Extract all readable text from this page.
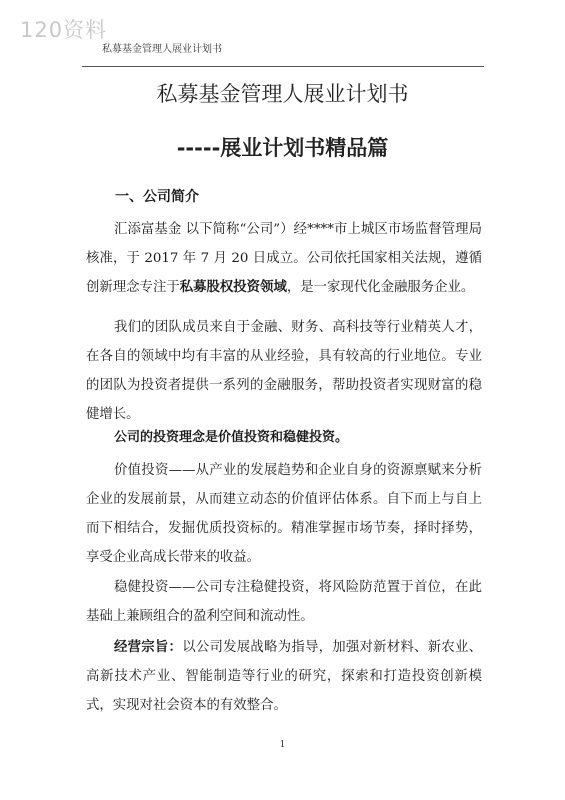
120资料
私募基金管理人展业计划书
私募基金管理人展业计划书
-----展业计划书精品篇
一、公司简介

汇添富基金 以下简称“公司”）经****市上城区市场监督管理局核准，于 2017 年 7 月 20 日成立。公司依托国家相关法规，遵循创新理念专注于私募股权投资领域，是一家现代化金融服务企业。

我们的团队成员来自于金融、财务、高科技等行业精英人才，在各自的领域中均有丰富的从业经验，具有较高的行业地位。专业的团队为投资者提供一系列的金融服务，帮助投资者实现财富的稳健增长。

公司的投资理念是价值投资和稳健投资。

价值投资——从产业的发展趋势和企业自身的资源禀赋来分析企业的发展前景，从而建立动态的价值评估体系。自下而上与自上而下相结合，发掘优质投资标的。精准掌握市场节奏，择时择势，享受企业高成长带来的收益。

稳健投资——公司专注稳健投资，将风险防范置于首位，在此基础上兼顾组合的盈利空间和流动性。

经营宗旨：以公司发展战略为指导，加强对新材料、新农业、高新技术产业、智能制造等行业的研究，探索和打造投资创新模式，实现对社会资本的有效整合。

1
